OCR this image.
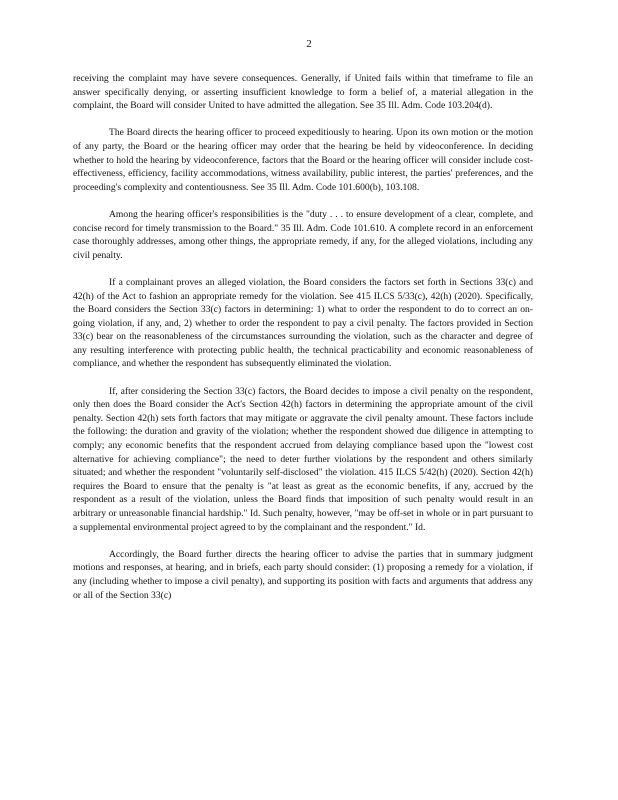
2

receiving the complaint may have severe consequences. Generally, if United fails within that timeframe to file an answer specifically denying, or asserting insufficient knowledge to form a belief of, a material allegation in the complaint, the Board will consider United to have admitted the allegation. See 35 Ill. Adm. Code 103.204(d).

The Board directs the hearing officer to proceed expeditiously to hearing. Upon its own motion or the motion of any party, the Board or the hearing officer may order that the hearing be held by videoconference. In deciding whether to hold the hearing by videoconference, factors that the Board or the hearing officer will consider include cost-effectiveness, efficiency, facility accommodations, witness availability, public interest, the parties' preferences, and the proceeding's complexity and contentiousness. See 35 Ill. Adm. Code 101.600(b), 103.108.

Among the hearing officer's responsibilities is the "duty . . . to ensure development of a clear, complete, and concise record for timely transmission to the Board." 35 Ill. Adm. Code 101.610. A complete record in an enforcement case thoroughly addresses, among other things, the appropriate remedy, if any, for the alleged violations, including any civil penalty.

If a complainant proves an alleged violation, the Board considers the factors set forth in Sections 33(c) and 42(h) of the Act to fashion an appropriate remedy for the violation. See 415 ILCS 5/33(c), 42(h) (2020). Specifically, the Board considers the Section 33(c) factors in determining: 1) what to order the respondent to do to correct an on-going violation, if any, and, 2) whether to order the respondent to pay a civil penalty. The factors provided in Section 33(c) bear on the reasonableness of the circumstances surrounding the violation, such as the character and degree of any resulting interference with protecting public health, the technical practicability and economic reasonableness of compliance, and whether the respondent has subsequently eliminated the violation.

If, after considering the Section 33(c) factors, the Board decides to impose a civil penalty on the respondent, only then does the Board consider the Act's Section 42(h) factors in determining the appropriate amount of the civil penalty. Section 42(h) sets forth factors that may mitigate or aggravate the civil penalty amount. These factors include the following: the duration and gravity of the violation; whether the respondent showed due diligence in attempting to comply; any economic benefits that the respondent accrued from delaying compliance based upon the "lowest cost alternative for achieving compliance"; the need to deter further violations by the respondent and others similarly situated; and whether the respondent "voluntarily self-disclosed" the violation. 415 ILCS 5/42(h) (2020). Section 42(h) requires the Board to ensure that the penalty is "at least as great as the economic benefits, if any, accrued by the respondent as a result of the violation, unless the Board finds that imposition of such penalty would result in an arbitrary or unreasonable financial hardship." Id. Such penalty, however, "may be off-set in whole or in part pursuant to a supplemental environmental project agreed to by the complainant and the respondent." Id.

Accordingly, the Board further directs the hearing officer to advise the parties that in summary judgment motions and responses, at hearing, and in briefs, each party should consider: (1) proposing a remedy for a violation, if any (including whether to impose a civil penalty), and supporting its position with facts and arguments that address any or all of the Section 33(c)
